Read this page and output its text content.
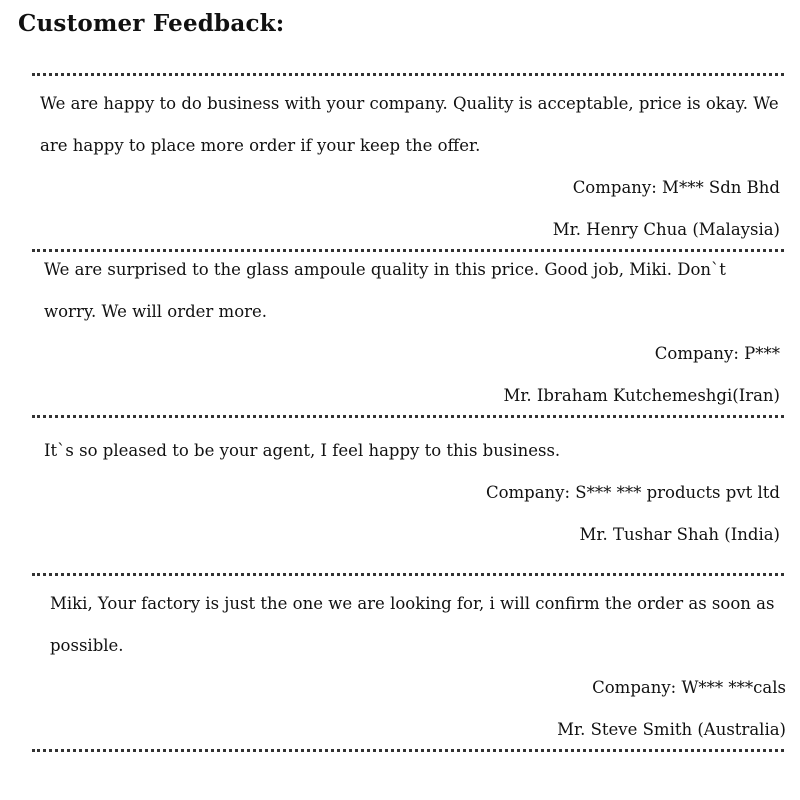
Customer Feedback:

We are happy to do business with your company. Quality is acceptable, price is okay. We are happy to place more order if your keep the offer.

Company: M*** Sdn Bhd

Mr. Henry Chua (Malaysia)

We are surprised to the glass ampoule quality in this price. Good job, Miki. Don`t worry. We will order more.

Company: P***

Mr. Ibraham Kutchemeshgi(Iran)

It`s so pleased to be your agent, I feel happy to this business.

Company: S*** *** products pvt ltd

Mr. Tushar Shah (India)

Miki, Your factory is just the one we are looking for, i will confirm the order as soon as possible.

Company: W*** ***cals

Mr. Steve Smith (Australia)
